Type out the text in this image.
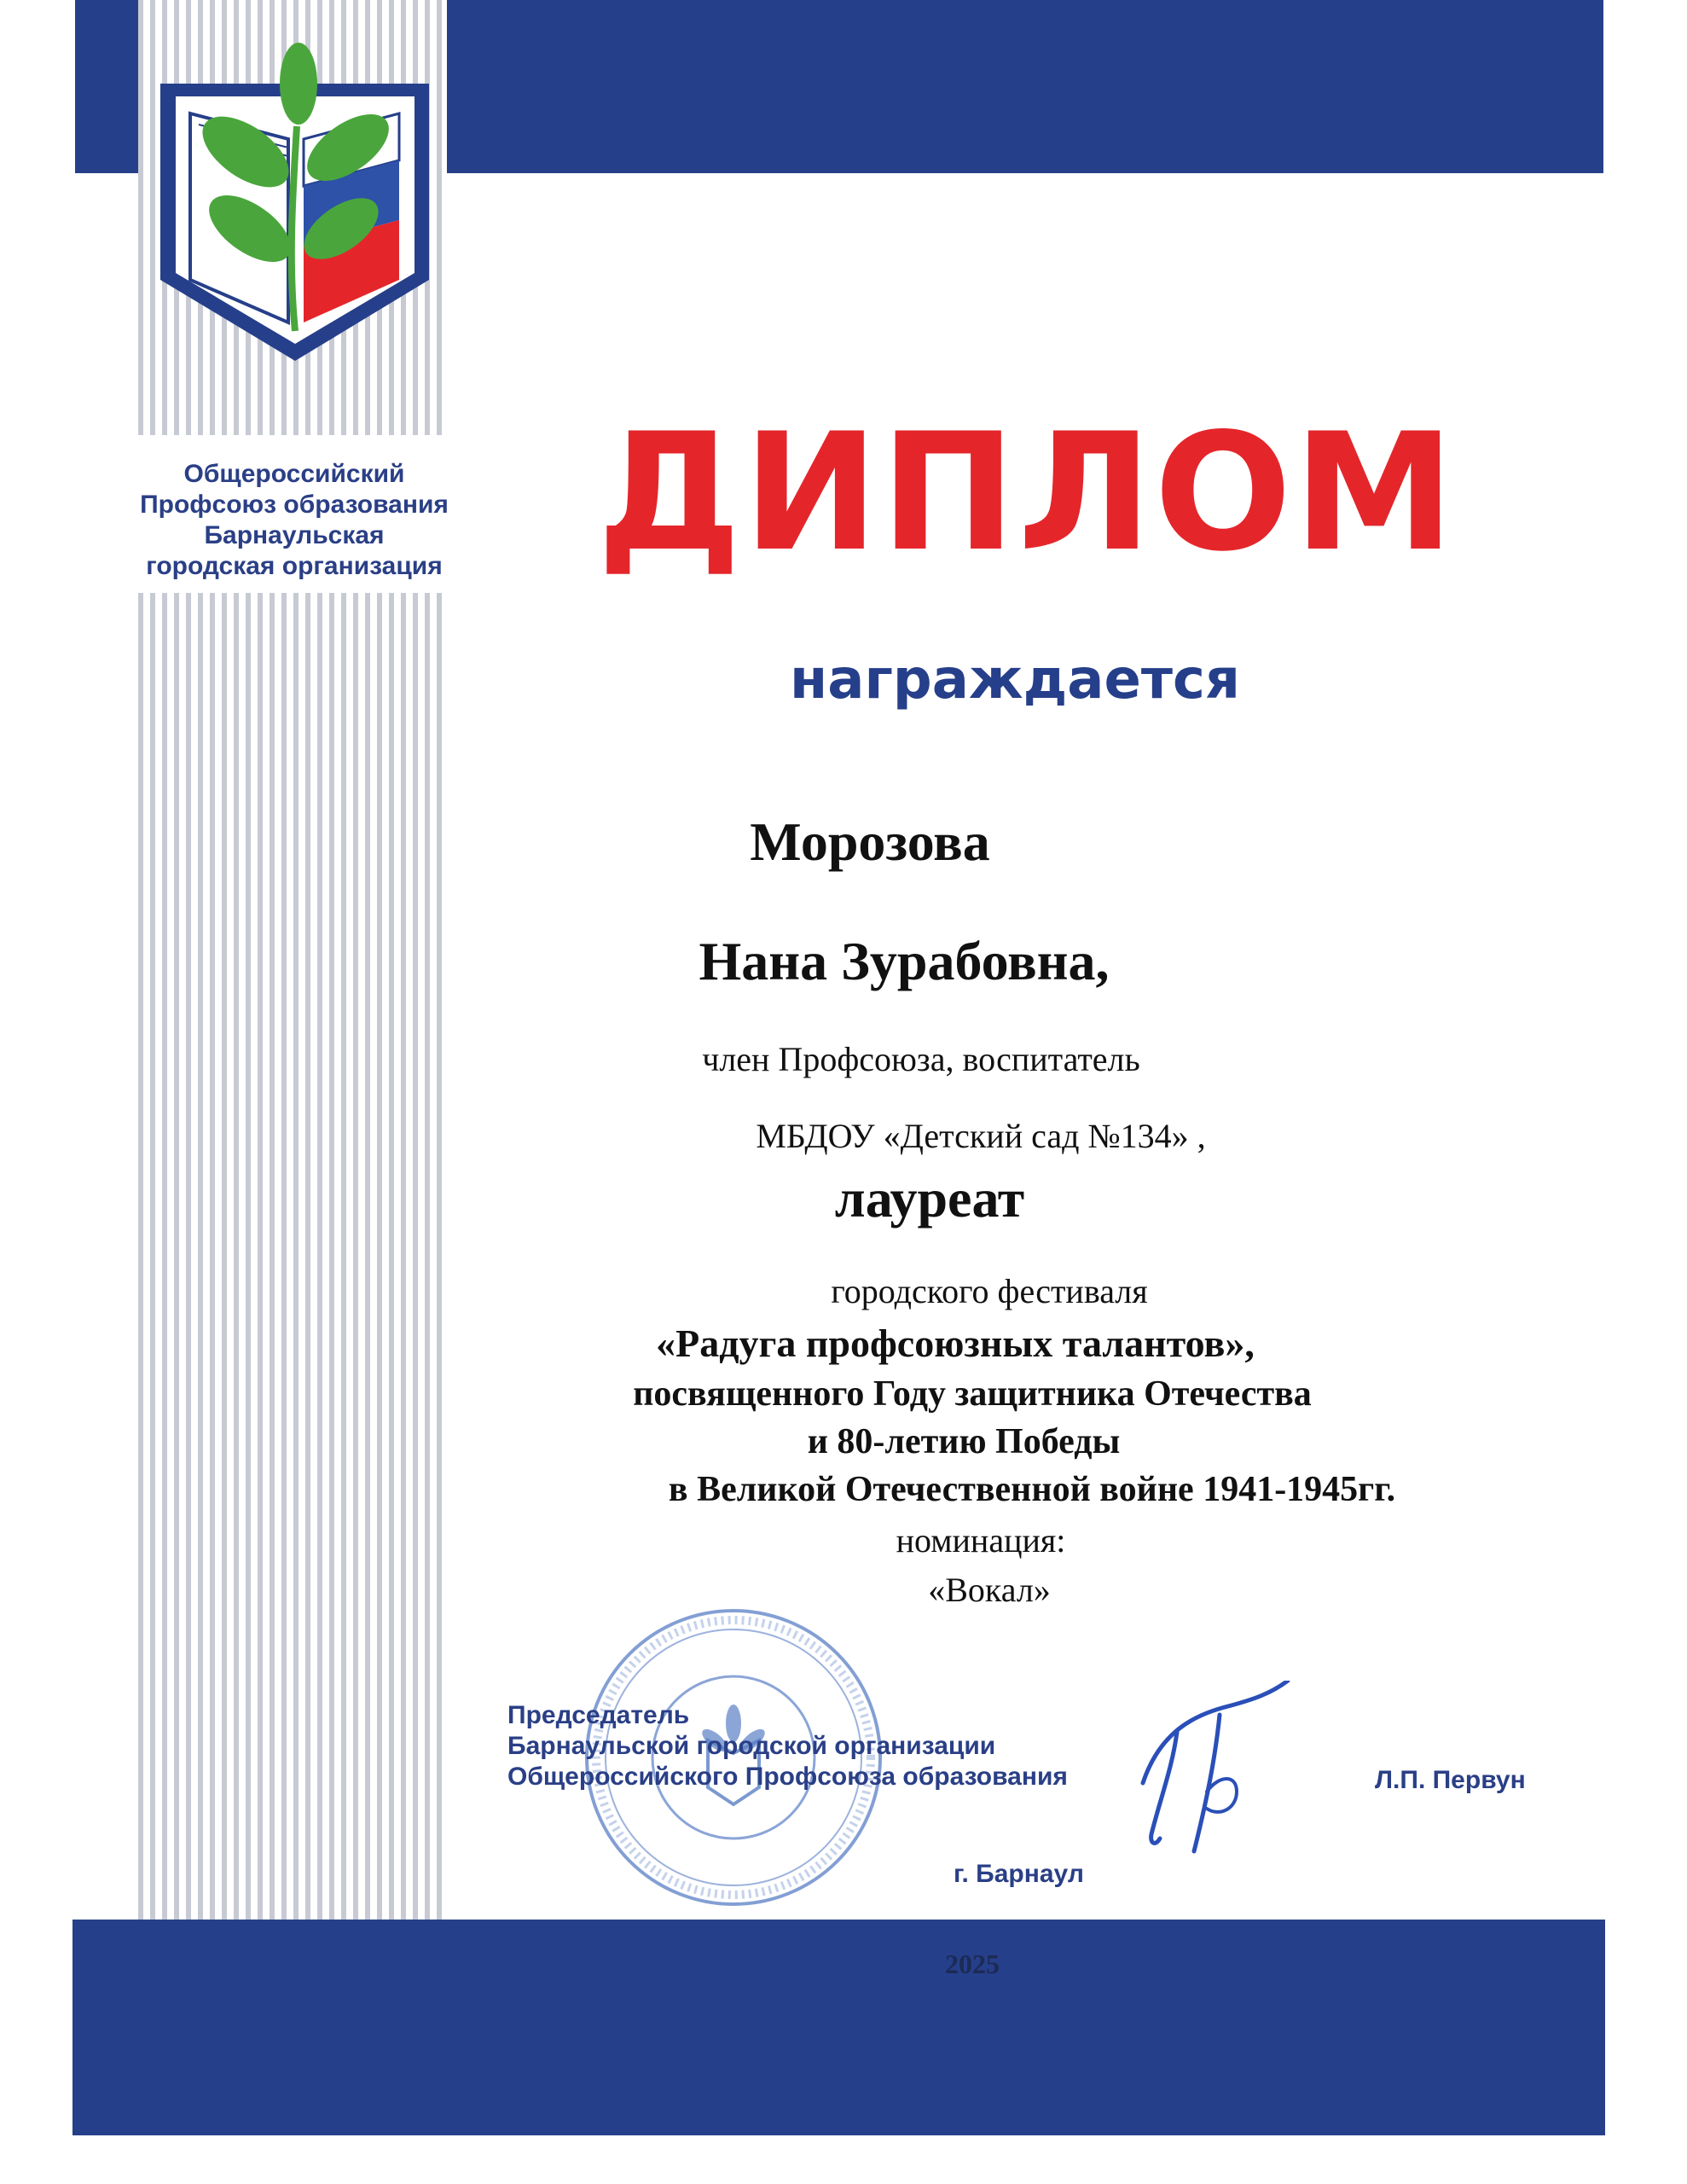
Общероссийский
Профсоюз образования
Барнаульская
городская организация ДИПЛОМ
награждается
Морозова
Нана Зурабовна,
член Профсоюза, воспитатель
МБДОУ «Детский сад №134» ,
лауреат
городского фестиваля
«Радуга профсоюзных талантов»,
посвященного Году защитника Отечества
и 80-летию Победы
в Великой Отечественной войне 1941-1945гг.
номинация:
«Вокал»
Председатель
Барнаульской городской организации
Общероссийского Профсоюза образования	Л.П. Первун
г. Барнаул
2025
